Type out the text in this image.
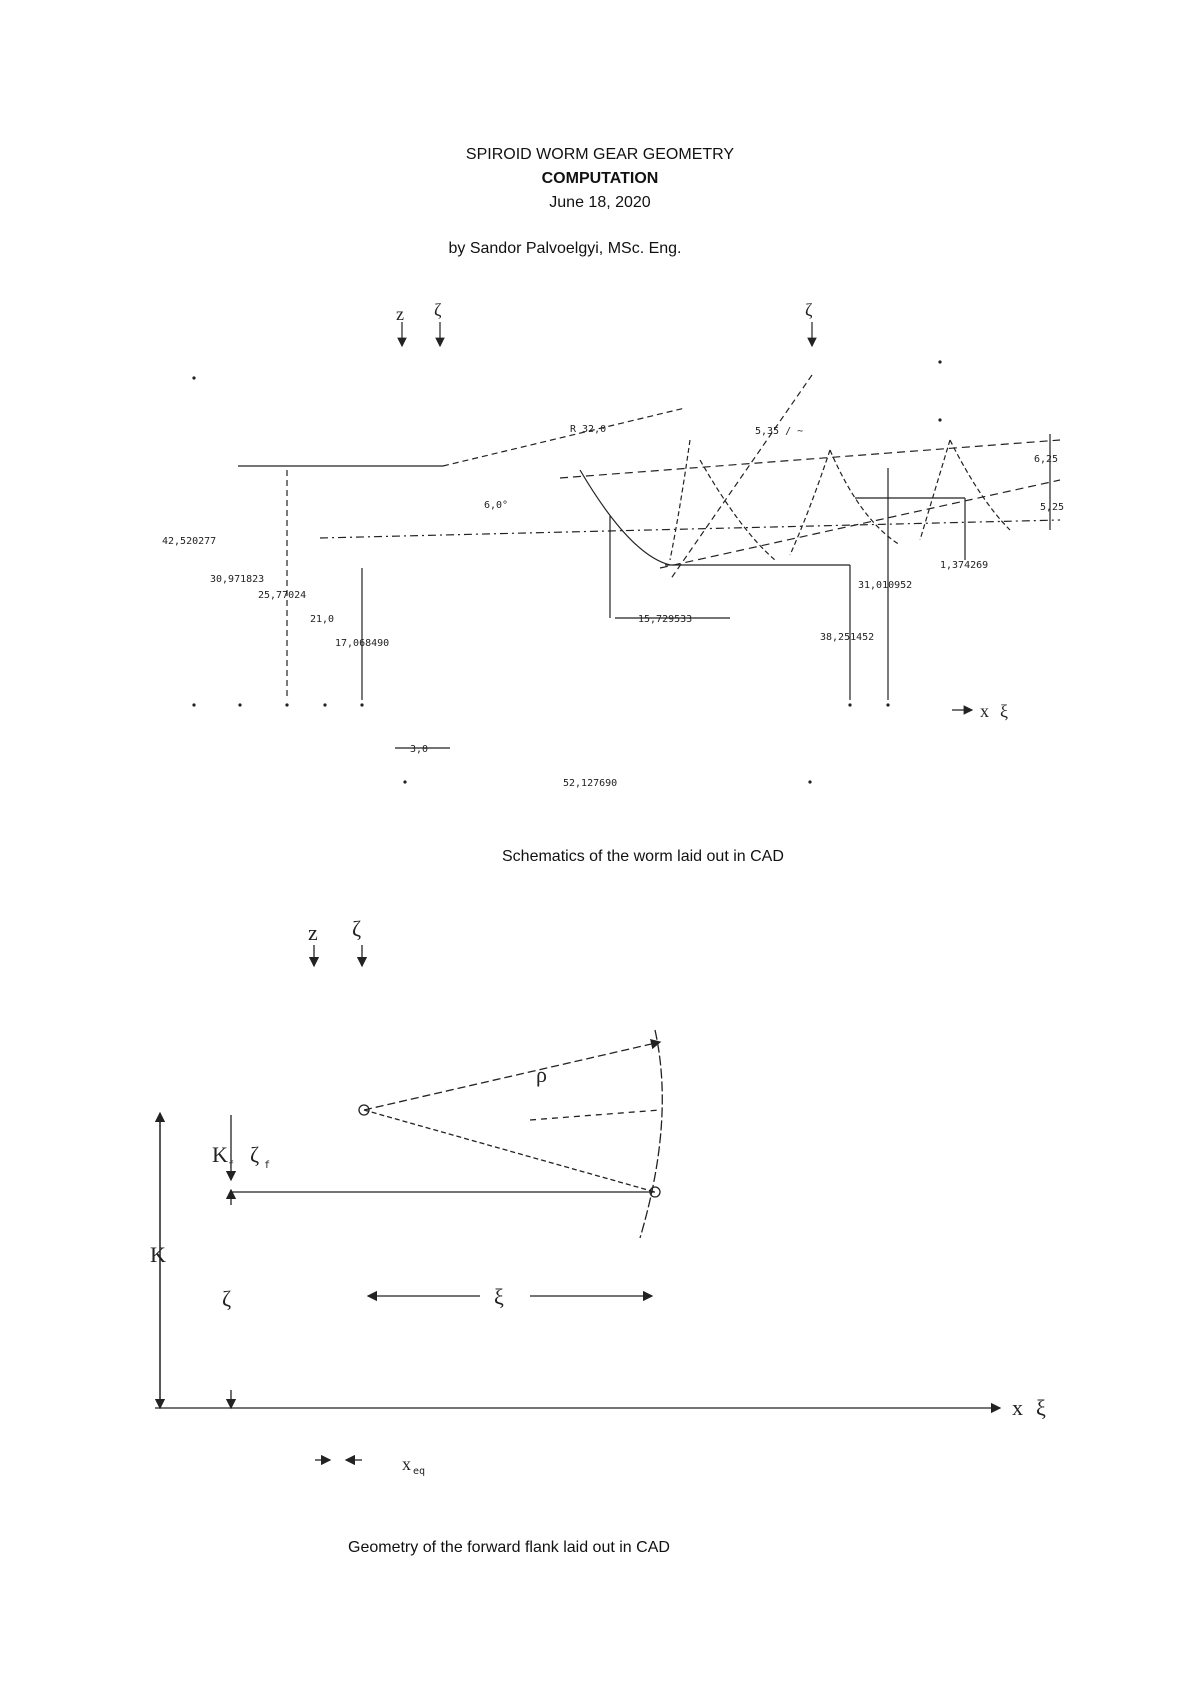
SPIROID WORM GEAR GEOMETRY
COMPUTATION
June 18, 2020
by Sandor Palvoelgyi, MSc. Eng.
z ζ	ζ
x ξ
42,520277
30,971823
25,77024
21,0
17,068490
6,0°
R 32,0	5,35 / ~
15,729533
38,251452
31,010952
1,374269
6,25
5,25
3,0
52,127690
Schematics of the worm laid out in CAD
z ζ
ρ
K f ζ f
K
ζ	ξ
x ξ
x eq
Geometry of the forward flank laid out in CAD
